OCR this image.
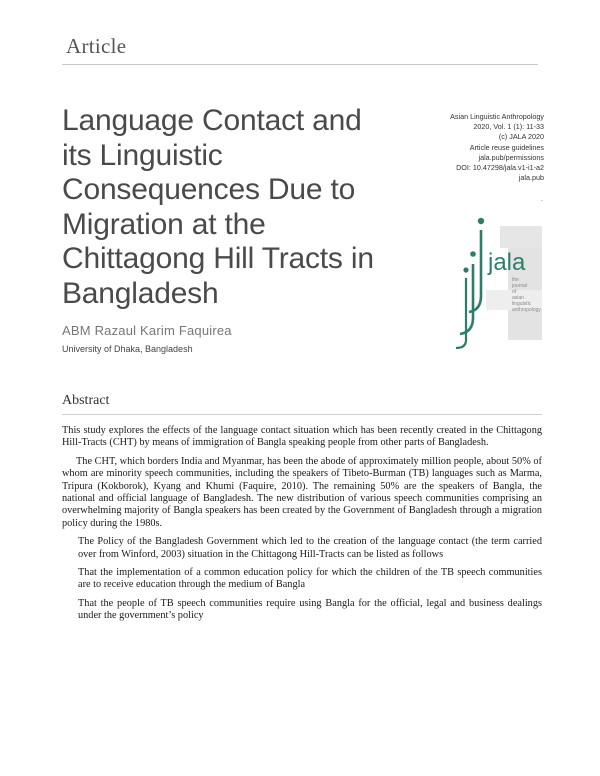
Article
Language Contact and
its Linguistic
Consequences Due to
Migration at the
Chittagong Hill Tracts in
Bangladesh
Asian Linguistic Anthropology
2020, Vol. 1 (1): 11-33
(c) JALA 2020
Article reuse guidelines
jala.pub/permissions
DOI: 10.47298/jala.v1-i1-a2
jala.pub
.
jala
the
journal
of
asian
linguistic
anthropology
ABM Razaul Karim Faquirea
University of Dhaka, Bangladesh
Abstract

This study explores the effects of the language contact situation which has been recently created in the Chittagong Hill-Tracts (CHT) by means of immigration of Bangla speaking people from other parts of Bangladesh.

The CHT, which borders India and Myanmar, has been the abode of approximately million people, about 50% of whom are minority speech communities, including the speakers of Tibeto-Burman (TB) languages such as Marma, Tripura (Kokborok), Kyang and Khumi (Faquire, 2010). The remaining 50% are the speakers of Bangla, the national and official language of Bangladesh. The new distribution of various speech communities comprising an overwhelming majority of Bangla speakers has been created by the Government of Bangladesh through a migration policy during the 1980s.

The Policy of the Bangladesh Government which led to the creation of the language contact (the term carried over from Winford, 2003) situation in the Chittagong Hill-Tracts can be listed as follows

That the implementation of a common education policy for which the children of the TB speech communities are to receive education through the medium of Bangla

That the people of TB speech communities require using Bangla for the official, legal and business dealings under the government’s policy
